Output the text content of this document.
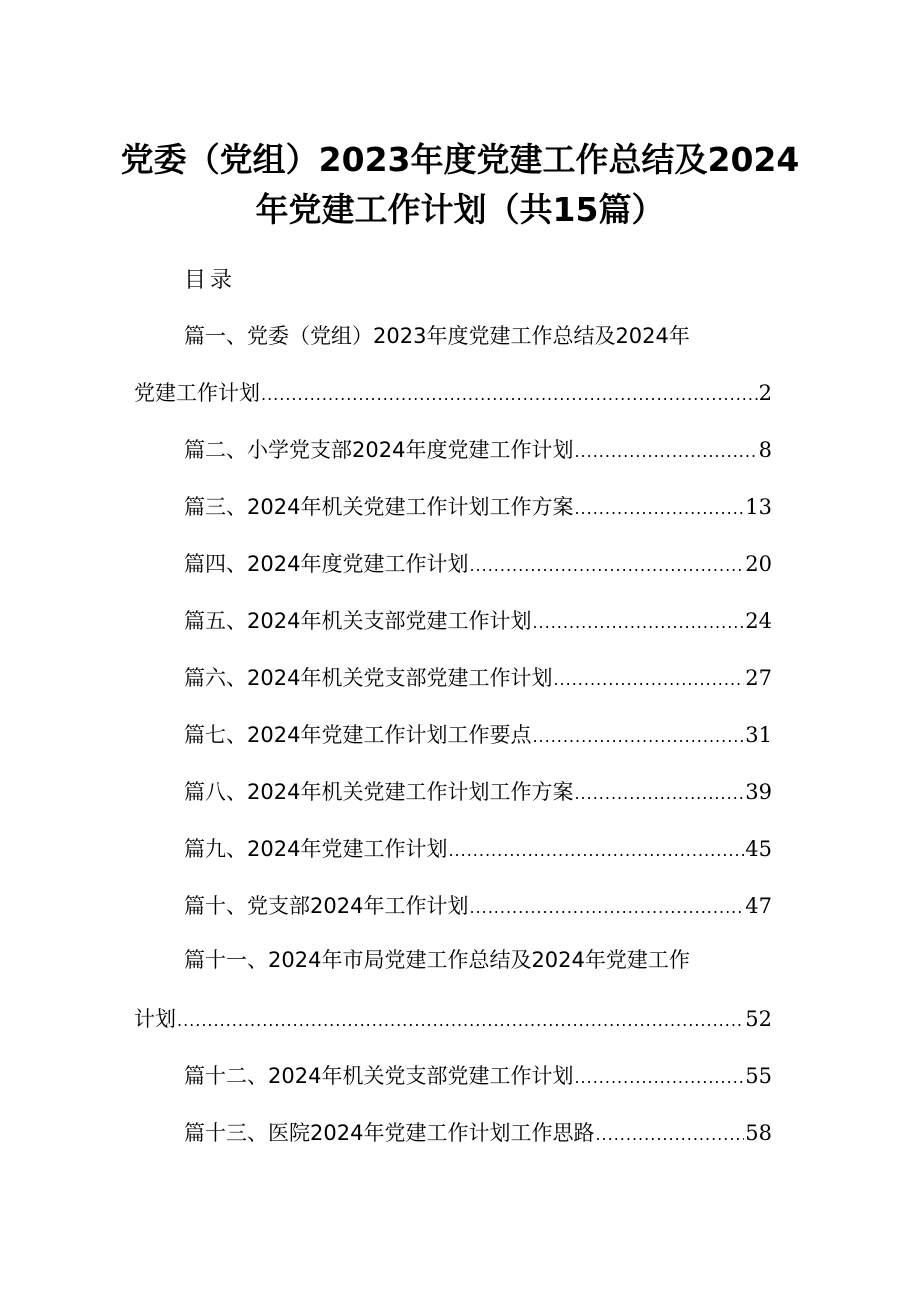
党委（党组）2023年度党建工作总结及2024
年党建工作计划（共15篇）
目录
篇一、党委（党组）2023年度党建工作总结及2024年
党建工作计划 .....	2
篇二、小学党支部2024年度党建工作计划 .....	8
篇三、2024年机关党建工作计划工作方案 .....	13
篇四、2024年度党建工作计划 .....	20
篇五、2024年机关支部党建工作计划 .....	24
篇六、2024年机关党支部党建工作计划 .....	27
篇七、2024年党建工作计划工作要点 .....	31
篇八、2024年机关党建工作计划工作方案 .....	39
篇九、2024年党建工作计划 .....	45
篇十、党支部2024年工作计划 .....	47
篇十一、2024年市局党建工作总结及2024年党建工作
计划 .....	52
篇十二、2024年机关党支部党建工作计划 .....	55
篇十三、医院2024年党建工作计划工作思路 .....	58
